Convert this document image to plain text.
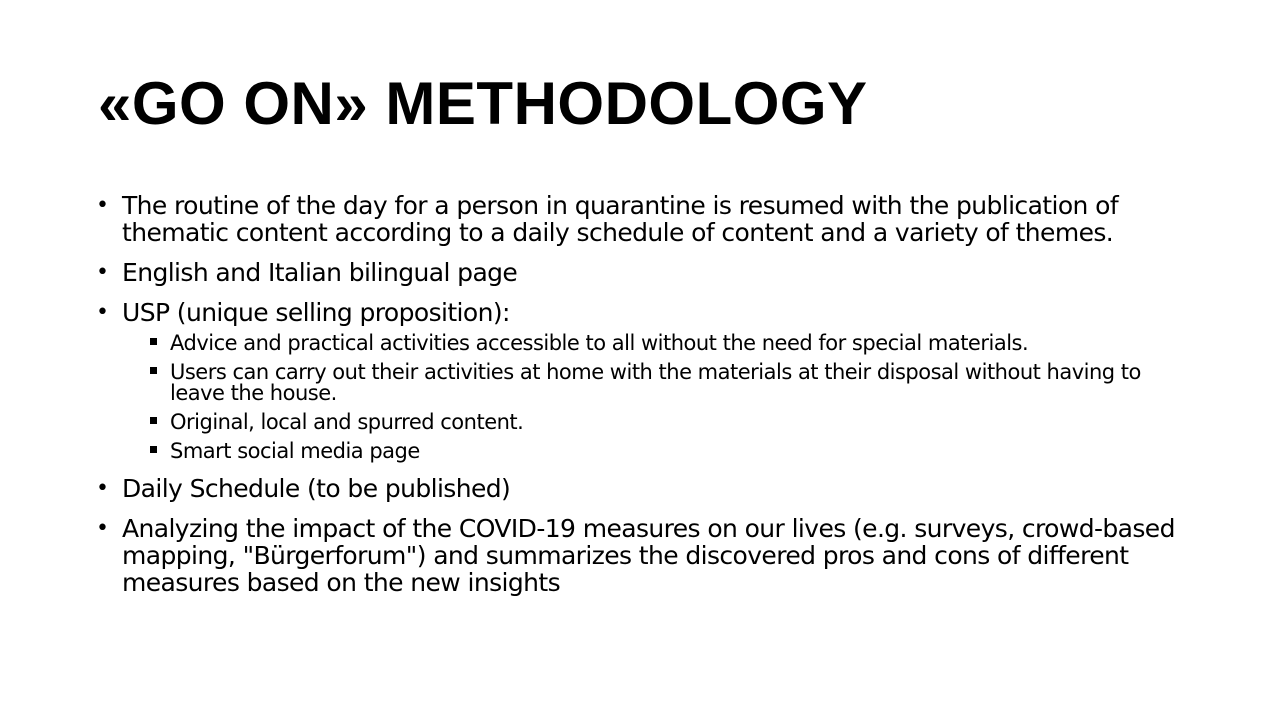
«GO ON» METHODOLOGY
• The routine of the day for a person in quarantine is resumed with the publication of thematic content according to a daily schedule of content and a variety of themes.
• English and Italian bilingual page
• USP (unique selling proposition):
Advice and practical activities accessible to all without the need for special materials.
Users can carry out their activities at home with the materials at their disposal without having to leave the house.
Original, local and spurred content.
Smart social media page
• Daily Schedule (to be published)
• Analyzing the impact of the COVID-19 measures on our lives (e.g. surveys, crowd-based mapping, "Bürgerforum") and summarizes the discovered pros and cons of different measures based on the new insights
